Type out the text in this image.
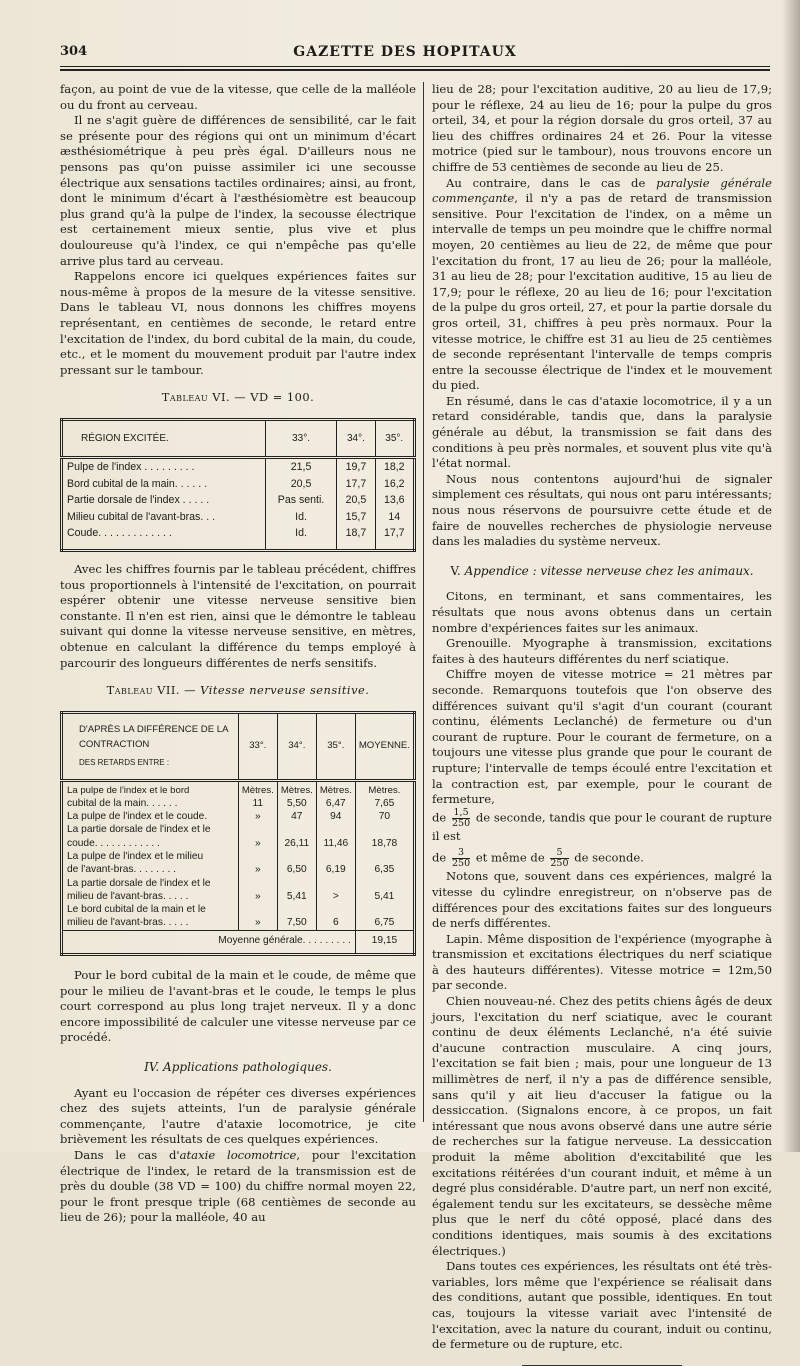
304	GAZETTE DES HOPITAUX

façon, au point de vue de la vitesse, que celle de la malléole ou du front au cerveau.

Il ne s'agit guère de différences de sensibilité, car le fait se présente pour des régions qui ont un minimum d'écart æsthésiométrique à peu près égal. D'ailleurs nous ne pensons pas qu'on puisse assimiler ici une secousse électrique aux sensations tactiles ordinaires; ainsi, au front, dont le minimum d'écart à l'æsthésiomètre est beaucoup plus grand qu'à la pulpe de l'index, la secousse électrique est certainement mieux sentie, plus vive et plus douloureuse qu'à l'index, ce qui n'empêche pas qu'elle arrive plus tard au cerveau.

Rappelons encore ici quelques expériences faites sur nous-même à propos de la mesure de la vitesse sensitive. Dans le tableau VI, nous donnons les chiffres moyens représentant, en centièmes de seconde, le retard entre l'excitation de l'index, du bord cubital de la main, du coude, etc., et le moment du mouvement produit par l'autre index pressant sur le tambour.

Tableau VI. — VD = 100.
RÉGION EXCITÉE.	33°.	34°.	35°.
Pulpe de l'index . . . . . . . . .	21,5	19,7	18,2
Bord cubital de la main. . . . . .	20,5	17,7	16,2
Partie dorsale de l'index . . . . .	Pas senti.	20,5	13,6
Milieu cubital de l'avant-bras. . .	Id.	15,7	14
Coude. . . . . . . . . . . . .	Id.	18,7	17,7

Avec les chiffres fournis par le tableau précédent, chiffres tous proportionnels à l'intensité de l'excitation, on pourrait espérer obtenir une vitesse nerveuse sensitive bien constante. Il n'en est rien, ainsi que le démontre le tableau suivant qui donne la vitesse nerveuse sensitive, en mètres, obtenue en calculant la différence du temps employé à parcourir des longueurs différentes de nerfs sensitifs.

Tableau VII. — Vitesse nerveuse sensitive.
D'APRÈS LA DIFFÉRENCE DE LA CONTRACTION
DES RETARDS ENTRE :	33°.	34°.	35°.	MOYENNE.
La pulpe de l'index et le bord	Mètres.	Mètres.	Mètres.	Mètres.
cubital de la main. . . . . .	11	5,50	6,47	7,65
La pulpe de l'index et le coude.	»	47	94	70
La partie dorsale de l'index et le				
coude. . . . . . . . . . . .	»	26,11	11,46	18,78
La pulpe de l'index et le milieu				
de l'avant-bras. . . . . . . .	»	6,50	6,19	6,35
La partie dorsale de l'index et le				
milieu de l'avant-bras. . . . .	»	5,41	>	5,41
Le bord cubital de la main et le				
milieu de l'avant-bras. . . . .	»	7,50	6	6,75
Moyenne générale. . . . . . . . .				19,15

Pour le bord cubital de la main et le coude, de même que pour le milieu de l'avant-bras et le coude, le temps le plus court correspond au plus long trajet nerveux. Il y a donc encore impossibilité de calculer une vitesse nerveuse par ce procédé.

IV. Applications pathologiques.

Ayant eu l'occasion de répéter ces diverses expériences chez des sujets atteints, l'un de paralysie générale commençante, l'autre d'ataxie locomotrice, je cite brièvement les résultats de ces quelques expériences.

Dans le cas d'ataxie locomotrice, pour l'excitation électrique de l'index, le retard de la transmission est de près du double (38 VD = 100) du chiffre normal moyen 22, pour le front presque triple (68 centièmes de seconde au lieu de 26); pour la malléole, 40 au

lieu de 28; pour l'excitation auditive, 20 au lieu de 17,9; pour le réflexe, 24 au lieu de 16; pour la pulpe du gros orteil, 34, et pour la région dorsale du gros orteil, 37 au lieu des chiffres ordinaires 24 et 26. Pour la vitesse motrice (pied sur le tambour), nous trouvons encore un chiffre de 53 centièmes de seconde au lieu de 25.

Au contraire, dans le cas de paralysie générale commençante, il n'y a pas de retard de transmission sensitive. Pour l'excitation de l'index, on a même un intervalle de temps un peu moindre que le chiffre normal moyen, 20 centièmes au lieu de 22, de même que pour l'excitation du front, 17 au lieu de 26; pour la malléole, 31 au lieu de 28; pour l'excitation auditive, 15 au lieu de 17,9; pour le réflexe, 20 au lieu de 16; pour l'excitation de la pulpe du gros orteil, 27, et pour la partie dorsale du gros orteil, 31, chiffres à peu près normaux. Pour la vitesse motrice, le chiffre est 31 au lieu de 25 centièmes de seconde représentant l'intervalle de temps compris entre la secousse électrique de l'index et le mouvement du pied.

En résumé, dans le cas d'ataxie locomotrice, il y a un retard considérable, tandis que, dans la paralysie générale au début, la transmission se fait dans des conditions à peu près normales, et souvent plus vite qu'à l'état normal.

Nous nous contentons aujourd'hui de signaler simplement ces résultats, qui nous ont paru intéressants; nous nous réservons de poursuivre cette étude et de faire de nouvelles recherches de physiologie nerveuse dans les maladies du système nerveux.

V. Appendice : vitesse nerveuse chez les animaux.

Citons, en terminant, et sans commentaires, les résultats que nous avons obtenus dans un certain nombre d'expériences faites sur les animaux.

Grenouille. Myographe à transmission, excitations faites à des hauteurs différentes du nerf sciatique.

Chiffre moyen de vitesse motrice = 21 mètres par seconde. Remarquons toutefois que l'on observe des différences suivant qu'il s'agit d'un courant (courant continu, éléments Leclanché) de fermeture ou d'un courant de rupture. Pour le courant de fermeture, on a toujours une vitesse plus grande que pour le courant de rupture; l'intervalle de temps écoulé entre l'excitation et la contraction est, par exemple, pour le courant de fermeture,

de $\frac{1,5}{250}$ de seconde, tandis que pour le courant de rupture il est

de $\frac{3}{250}$ et même de $\frac{5}{250}$ de seconde.

Notons que, souvent dans ces expériences, malgré la vitesse du cylindre enregistreur, on n'observe pas de différences pour des excitations faites sur des longueurs de nerfs différentes.

Lapin. Même disposition de l'expérience (myographe à transmission et excitations électriques du nerf sciatique à des hauteurs différentes). Vitesse motrice = 12m,50 par seconde.

Chien nouveau-né. Chez des petits chiens âgés de deux jours, l'excitation du nerf sciatique, avec le courant continu de deux éléments Leclanché, n'a été suivie d'aucune contraction musculaire. A cinq jours, l'excitation se fait bien ; mais, pour une longueur de 13 millimètres de nerf, il n'y a pas de différence sensible, sans qu'il y ait lieu d'accuser la fatigue ou la dessiccation. (Signalons encore, à ce propos, un fait intéressant que nous avons observé dans une autre série de recherches sur la fatigue nerveuse. La dessiccation produit la même abolition d'excitabilité que les excitations réitérées d'un courant induit, et même à un degré plus considérable. D'autre part, un nerf non excité, également tendu sur les excitateurs, se dessèche même plus que le nerf du côté opposé, placé dans des conditions identiques, mais soumis à des excitations électriques.)

Dans toutes ces expériences, les résultats ont été très-variables, lors même que l'expérience se réalisait dans des conditions, autant que possible, identiques. En tout cas, toujours la vitesse variait avec l'intensité de l'excitation, avec la nature du courant, induit ou continu, de fermeture ou de rupture, etc.
